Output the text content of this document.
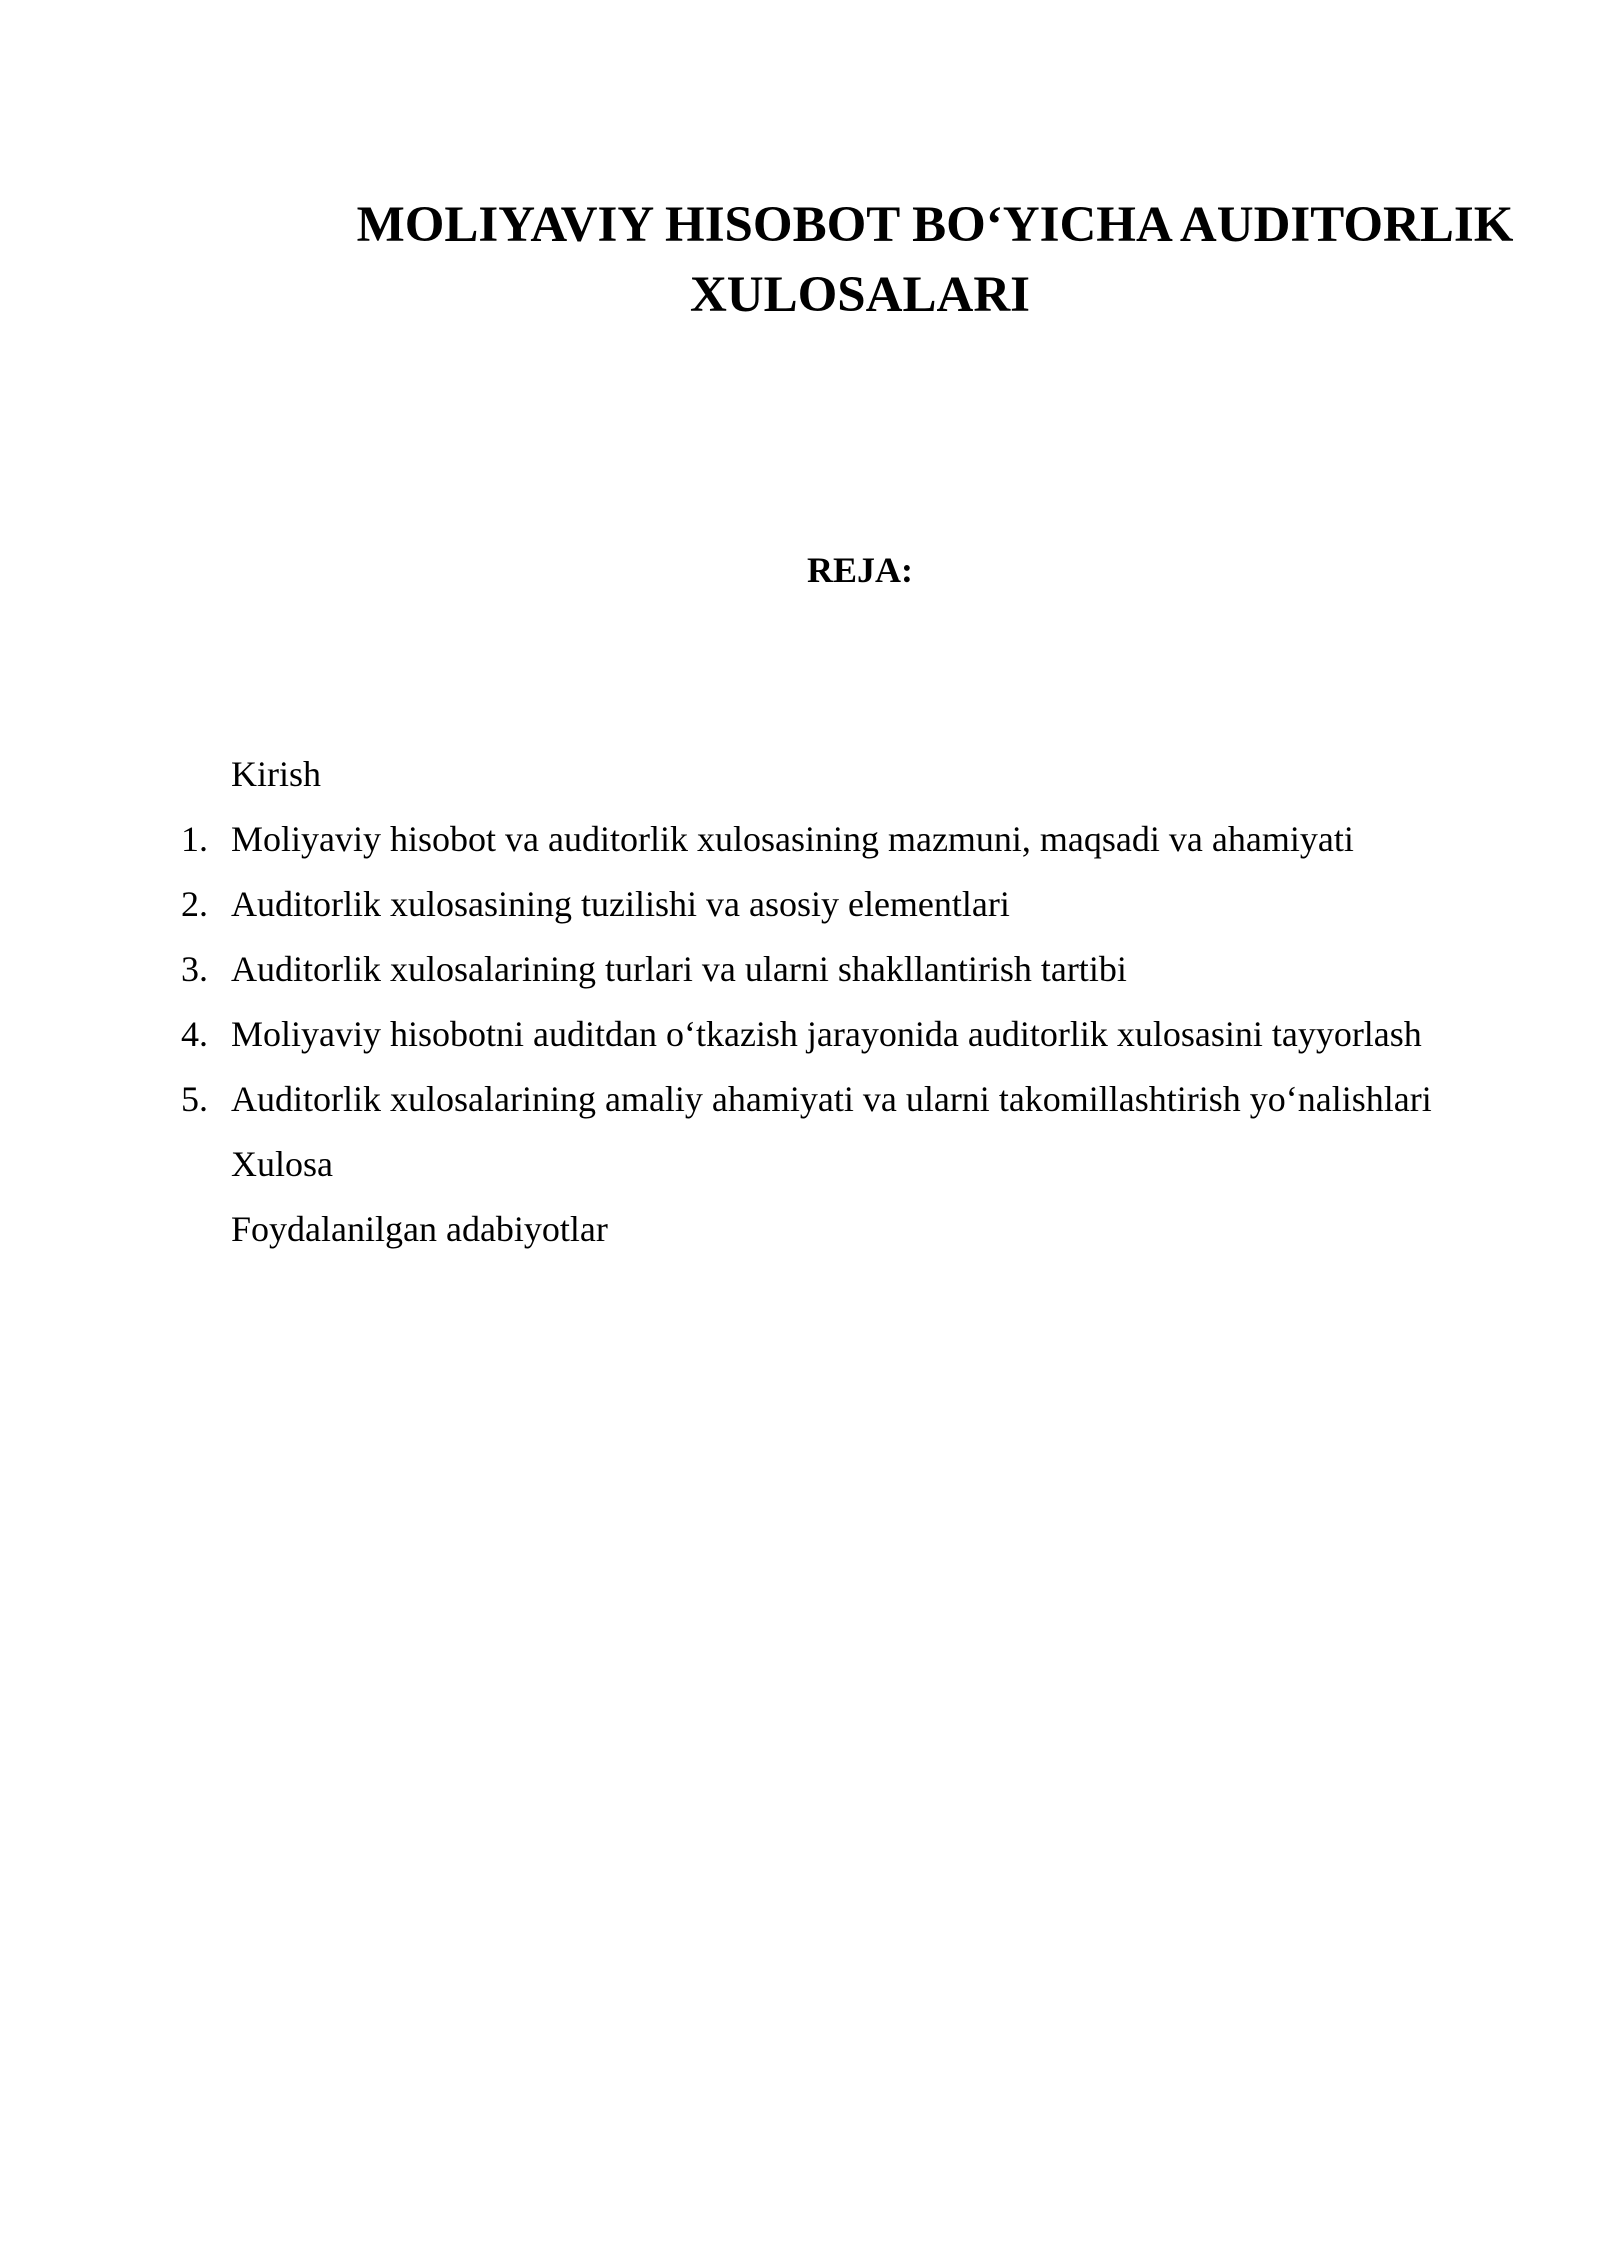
MOLIYAVIY HISOBOT BO‘YICHA AUDITORLIK
XULOSALARI
REJA:
Kirish
1. Moliyaviy hisobot va auditorlik xulosasining mazmuni, maqsadi va ahamiyati
2. Auditorlik xulosasining tuzilishi va asosiy elementlari
3. Auditorlik xulosalarining turlari va ularni shakllantirish tartibi
4. Moliyaviy hisobotni auditdan o‘tkazish jarayonida auditorlik xulosasini tayyorlash
5. Auditorlik xulosalarining amaliy ahamiyati va ularni takomillashtirish yo‘nalishlari
Xulosa
Foydalanilgan adabiyotlar
